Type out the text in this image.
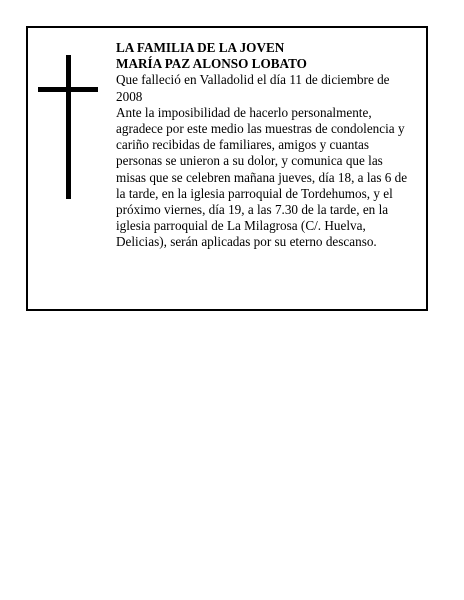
LA FAMILIA DE LA JOVEN

MARÍA PAZ ALONSO LOBATO

Que falleció en Valladolid el día 11 de diciembre de 2008

Ante la imposibilidad de hacerlo personalmente, agradece por este medio las muestras de condolencia y cariño recibidas de familiares, amigos y cuantas personas se unieron a su dolor, y comunica que las misas que se celebren mañana jueves, día 18, a las 6 de la tarde, en la iglesia parroquial de Tordehumos, y el próximo viernes, día 19, a las 7.30 de la tarde, en la iglesia parroquial de La Milagrosa (C/. Huelva, Delicias), serán aplicadas por su eterno descanso.
